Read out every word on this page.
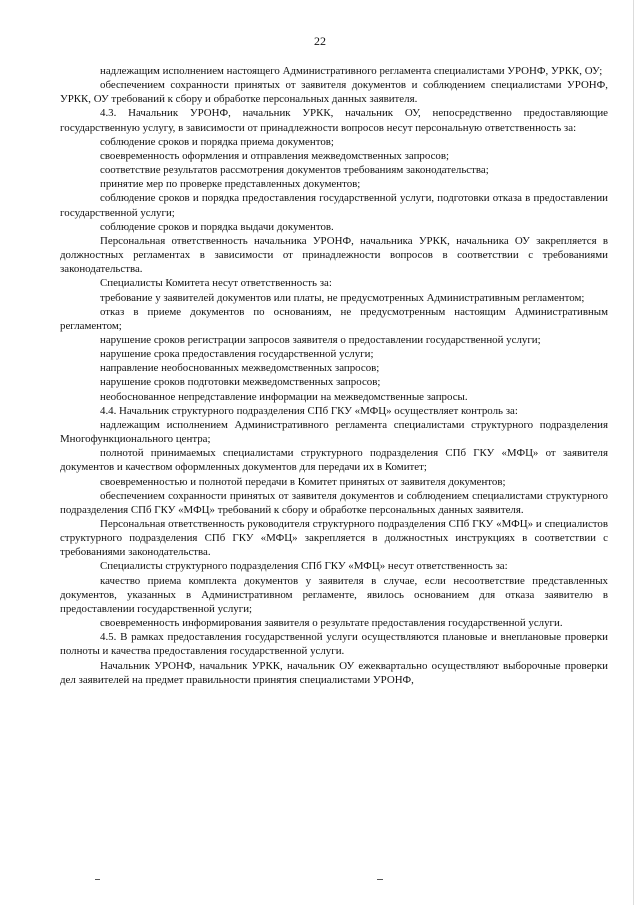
22

надлежащим исполнением настоящего Административного регламента специалистами УРОНФ, УРКК, ОУ;

обеспечением сохранности принятых от заявителя документов и соблюдением специалистами УРОНФ, УРКК, ОУ требований к сбору и обработке персональных данных заявителя.

4.3. Начальник УРОНФ, начальник УРКК, начальник ОУ, непосредственно предоставляющие государственную услугу, в зависимости от принадлежности вопросов несут персональную ответственность за:

соблюдение сроков и порядка приема документов;

своевременность оформления и отправления межведомственных запросов;

соответствие результатов рассмотрения документов требованиям законодательства;

принятие мер по проверке представленных документов;

соблюдение сроков и порядка предоставления государственной услуги, подготовки отказа в предоставлении государственной услуги;

соблюдение сроков и порядка выдачи документов.

Персональная ответственность начальника УРОНФ, начальника УРКК, начальника ОУ закрепляется в должностных регламентах в зависимости от принадлежности вопросов в соответствии с требованиями законодательства.

Специалисты Комитета несут ответственность за:

требование у заявителей документов или платы, не предусмотренных Административным регламентом;

отказ в приеме документов по основаниям, не предусмотренным настоящим Административным регламентом;

нарушение сроков регистрации запросов заявителя о предоставлении государственной услуги;

нарушение срока предоставления государственной услуги;

направление необоснованных межведомственных запросов;

нарушение сроков подготовки межведомственных запросов;

необоснованное непредставление информации на межведомственные запросы.

4.4. Начальник структурного подразделения СПб ГКУ «МФЦ» осуществляет контроль за:

надлежащим исполнением Административного регламента специалистами структурного подразделения Многофункционального центра;

полнотой принимаемых специалистами структурного подразделения СПб ГКУ «МФЦ» от заявителя документов и качеством оформленных документов для передачи их в Комитет;

своевременностью и полнотой передачи в Комитет принятых от заявителя документов;

обеспечением сохранности принятых от заявителя документов и соблюдением специалистами структурного подразделения СПб ГКУ «МФЦ» требований к сбору и обработке персональных данных заявителя.

Персональная ответственность руководителя структурного подразделения СПб ГКУ «МФЦ» и специалистов структурного подразделения СПб ГКУ «МФЦ» закрепляется в должностных инструкциях в соответствии с требованиями законодательства.

Специалисты структурного подразделения СПб ГКУ «МФЦ» несут ответственность за:

качество приема комплекта документов у заявителя в случае, если несоответствие представленных документов, указанных в Административном регламенте, явилось основанием для отказа заявителю в предоставлении государственной услуги;

своевременность информирования заявителя о результате предоставления государственной услуги.

4.5. В рамках предоставления государственной услуги осуществляются плановые и внеплановые проверки полноты и качества предоставления государственной услуги.

Начальник УРОНФ, начальник УРКК, начальник ОУ ежеквартально осуществляют выборочные проверки дел заявителей на предмет правильности принятия специалистами УРОНФ,
